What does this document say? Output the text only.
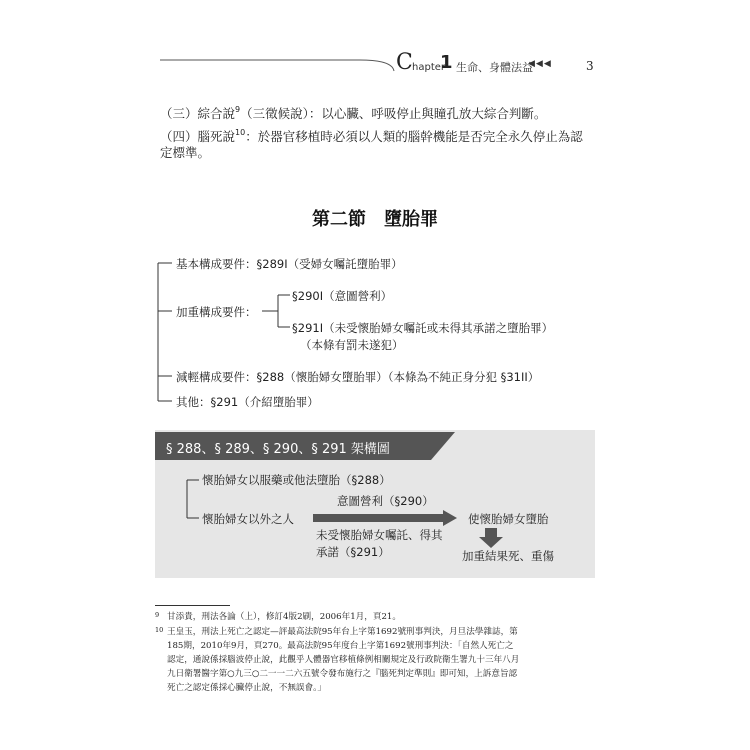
C hapter
1 生命、身體法益
◀◀◀	3
（三）綜合說$^9$（三徵候說）：以心臟、呼吸停止與瞳孔放大綜合判斷。
（四）腦死說$^{10}$：於器官移植時必須以人類的腦幹機能是否完全永久停止為認
定標準。
第二節　墮胎罪
基本構成要件：§289I（受婦女囑託墮胎罪）
加重構成要件：
§290I（意圖營利）
§291I（未受懷胎婦女囑託或未得其承諾之墮胎罪）
（本條有罰未遂犯）
減輕構成要件：§288（懷胎婦女墮胎罪）（本條為不純正身分犯 §31II）
其他：§291（介紹墮胎罪）
§ 288、§ 289、§ 290、§ 291 架構圖
懷胎婦女以服藥或他法墮胎（§288）
懷胎婦女以外之人
意圖營利（§290）
未受懷胎婦女囑託、得其
承諾（§291）
使懷胎婦女墮胎
加重結果死、重傷
9 甘添貴，刑法各論（上），修訂4版2刷，2006年1月，頁21。
10 王皇玉，刑法上死亡之認定—評最高法院95年台上字第1692號刑事判決，月旦法學雜誌，第
185期，2010年9月，頁270。最高法院95年度台上字第1692號刑事判決：「自然人死亡之
認定，通說係採腦波停止說，此觀乎人體器官移植條例相關規定及行政院衛生署九十三年八月
九日衛署醫字第○九三○二一一二六五號令發布施行之『腦死判定準則』即可知，上訴意旨認
死亡之認定係採心臟停止說，不無誤會。」
